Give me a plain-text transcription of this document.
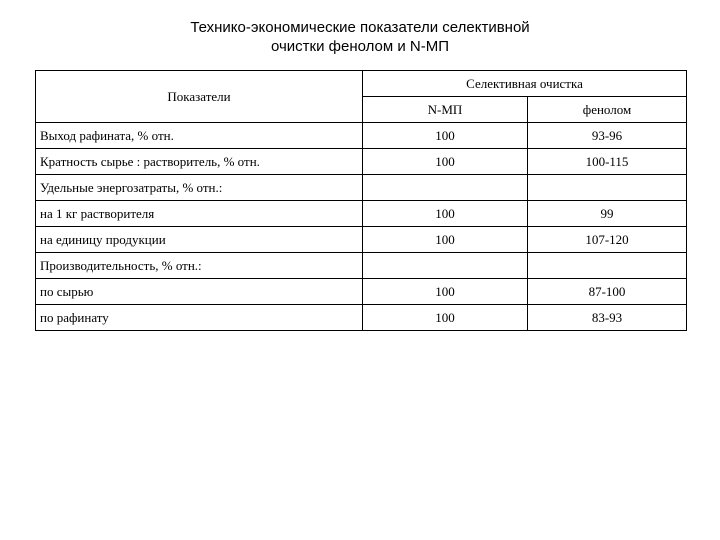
Технико-экономические показатели селективной
очистки фенолом и N-МП
Показатели	Селективная очистка	
	N-МП	фенолом
Выход рафината, % отн.	100	93-96
Кратность сырье : растворитель, % отн.	100	100-115
Удельные энергозатраты, % отн.:		
на 1 кг растворителя	100	99
на единицу продукции	100	107-120
Производительность, % отн.:		
по сырью	100	87-100
по рафинату	100	83-93
